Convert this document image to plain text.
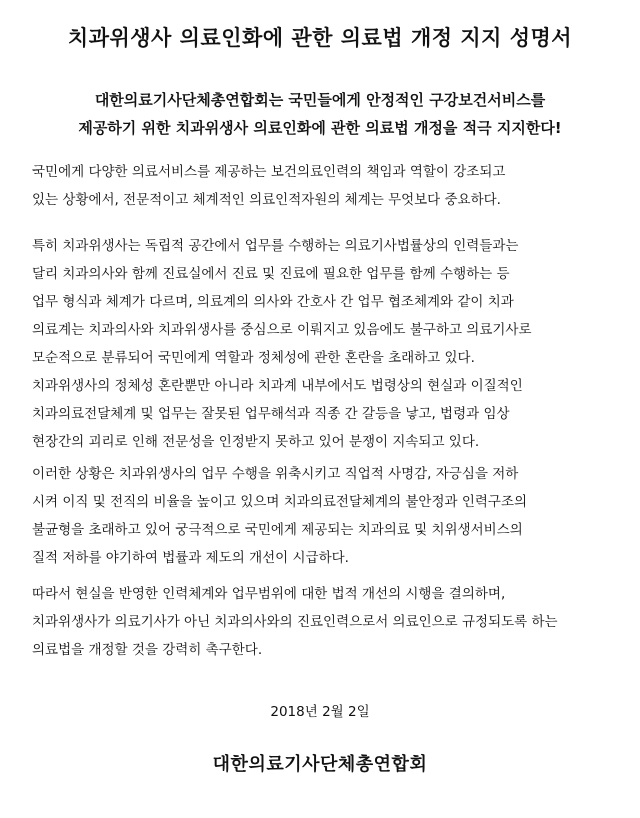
치과위생사 의료인화에 관한 의료법 개정 지지 성명서
대한의료기사단체총연합회는 국민들에게 안정적인 구강보건서비스를
제공하기 위한 치과위생사 의료인화에 관한 의료법 개정을 적극 지지한다!
국민에게 다양한 의료서비스를 제공하는 보건의료인력의 책임과 역할이 강조되고
있는 상황에서, 전문적이고 체계적인 의료인적자원의 체계는 무엇보다 중요하다.
특히 치과위생사는 독립적 공간에서 업무를 수행하는 의료기사법률상의 인력들과는
달리 치과의사와 함께 진료실에서 진료 및 진료에 필요한 업무를 함께 수행하는 등
업무 형식과 체계가 다르며, 의료계의 의사와 간호사 간 업무 협조체계와 같이 치과
의료계는 치과의사와 치과위생사를 중심으로 이뤄지고 있음에도 불구하고 의료기사로
모순적으로 분류되어 국민에게 역할과 정체성에 관한 혼란을 초래하고 있다.
치과위생사의 정체성 혼란뿐만 아니라 치과계 내부에서도 법령상의 현실과 이질적인
치과의료전달체계 및 업무는 잘못된 업무해석과 직종 간 갈등을 낳고, 법령과 임상
현장간의 괴리로 인해 전문성을 인정받지 못하고 있어 분쟁이 지속되고 있다.
이러한 상황은 치과위생사의 업무 수행을 위축시키고 직업적 사명감, 자긍심을 저하
시켜 이직 및 전직의 비율을 높이고 있으며 치과의료전달체계의 불안정과 인력구조의
불균형을 초래하고 있어 궁극적으로 국민에게 제공되는 치과의료 및 치위생서비스의
질적 저하를 야기하여 법률과 제도의 개선이 시급하다.
따라서 현실을 반영한 인력체계와 업무범위에 대한 법적 개선의 시행을 결의하며,
치과위생사가 의료기사가 아닌 치과의사와의 진료인력으로서 의료인으로 규정되도록 하는
의료법을 개정할 것을 강력히 촉구한다.
2018년 2월 2일
대한의료기사단체총연합회
